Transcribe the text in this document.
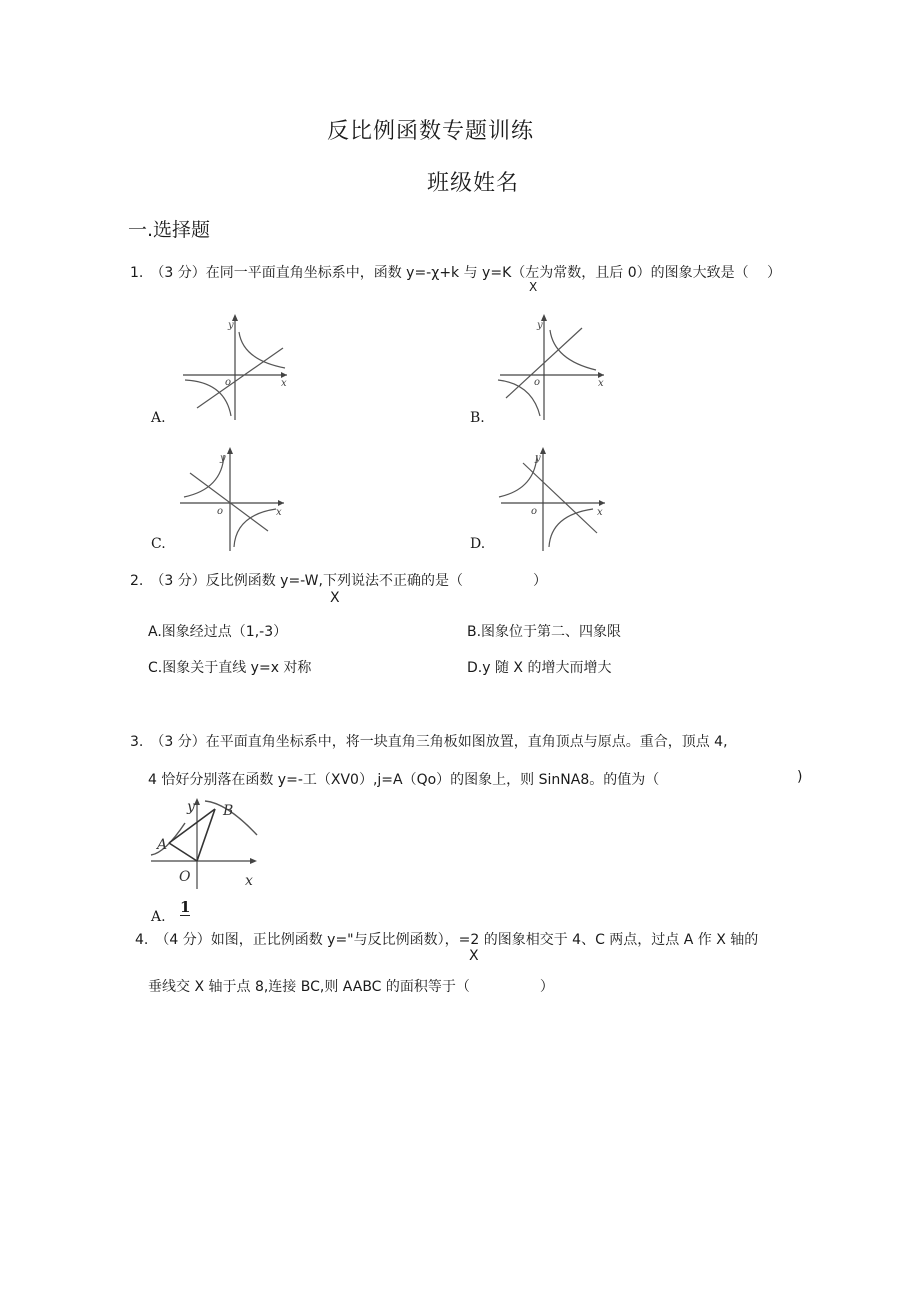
反比例函数专题训练
班级姓名
一.选择题
1.　（3 分）在同一平面直角坐标系中，函数 y=-χ+k 与 y=K（左为常数，且后 0）的图象大致是（　 ）
X
y
x
o
A.
y
x
o
B.
y
x
o
C.
y
x
o
D.
2.　（3 分）反比例函数 y=-W,下列说法不正确的是（　　　　　）
X
A.图象经过点（1,-3）	B.图象位于第二、四象限
C.图象关于直线 y=x 对称	D.y 随 X 的增大而增大
3.　（3 分）在平面直角坐标系中，将一块直角三角板如图放置，直角顶点与原点。重合，顶点 4,
4 恰好分别落在函数 y=-工（XV0）,j=A（Qo）的图象上，则 SinNA8。的值为（	)
y
x
A
B
O
A.
1
4.　（4 分）如图，正比例函数 y="与反比例函数），=2 的图象相交于 4、C 两点，过点 A 作 X 轴的
X
垂线交 X 轴于点 8,连接 BC,则 AABC 的面积等于（　　　　　）
